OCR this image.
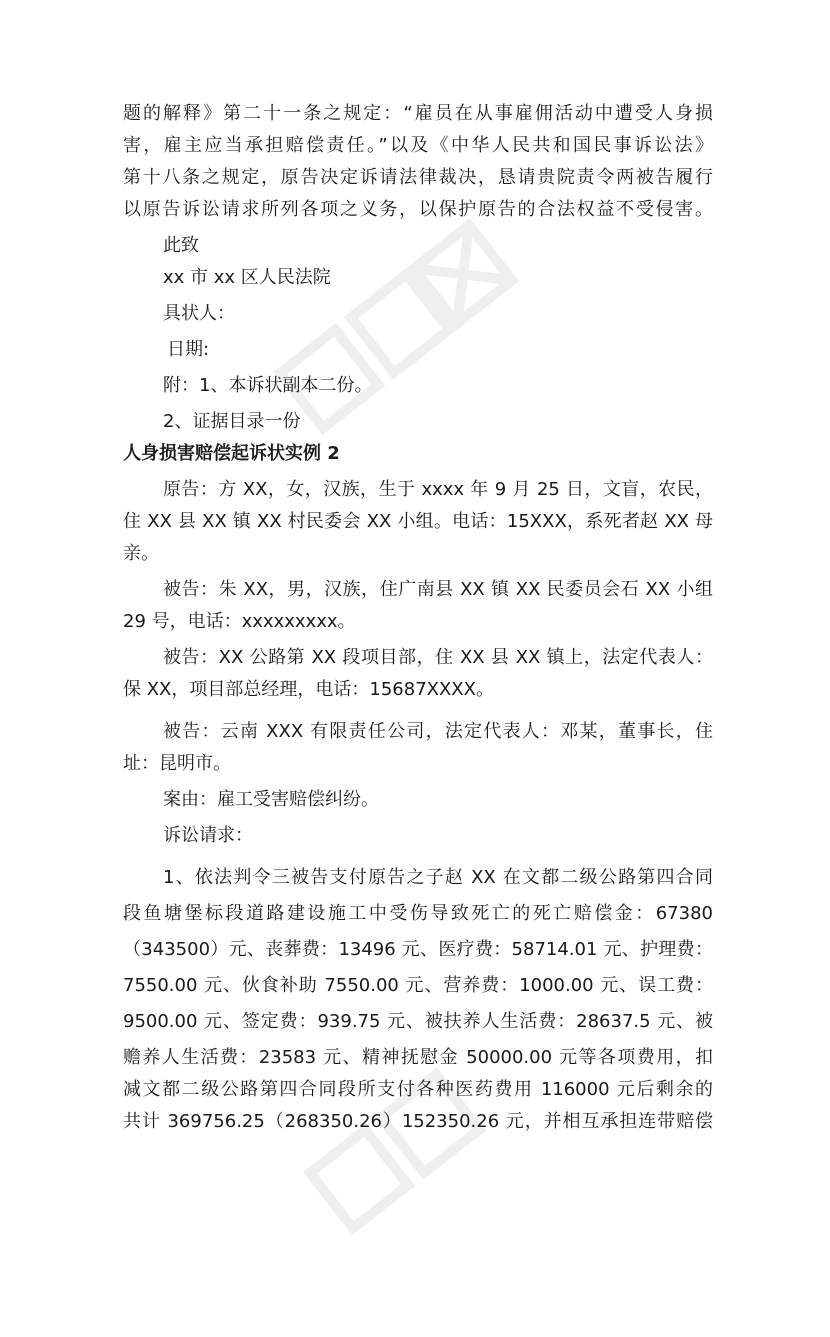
题的解释》第二十一条之规定：“雇员在从事雇佣活动中遭受人身损
害，雇主应当承担赔偿责任。”以及《中华人民共和国民事诉讼法》
第十八条之规定，原告决定诉请法律裁决，恳请贵院责令两被告履行
以原告诉讼请求所列各项之义务，以保护原告的合法权益不受侵害。
此致
xx 市 xx 区人民法院
具状人：
日期:
附：1、本诉状副本二份。
2、证据目录一份
人身损害赔偿起诉状实例 2
原告：方 XX，女，汉族，生于 xxxx 年 9 月 25 日，文盲，农民，
住 XX 县 XX 镇 XX 村民委会 XX 小组。电话：15XXX，系死者赵 XX 母
亲。
被告：朱 XX，男，汉族，住广南县 XX 镇 XX 民委员会石 XX 小组
29 号，电话：xxxxxxxxx。
被告：XX 公路第 XX 段项目部，住 XX 县 XX 镇上，法定代表人：
保 XX，项目部总经理，电话：15687XXXX。
被告：云南 XXX 有限责任公司，法定代表人：邓某，董事长，住
址：昆明市。
案由：雇工受害赔偿纠纷。
诉讼请求：
1、依法判令三被告支付原告之子赵 XX 在文都二级公路第四合同
段鱼塘堡标段道路建设施工中受伤导致死亡的死亡赔偿金：67380
（343500）元、丧葬费：13496 元、医疗费：58714.01 元、护理费：
7550.00 元、伙食补助 7550.00 元、营养费：1000.00 元、误工费：
9500.00 元、签定费：939.75 元、被扶养人生活费：28637.5 元、被
赡养人生活费：23583 元、精神抚慰金 50000.00 元等各项费用，扣
减文都二级公路第四合同段所支付各种医药费用 116000 元后剩余的
共计 369756.25（268350.26）152350.26 元，并相互承担连带赔偿
